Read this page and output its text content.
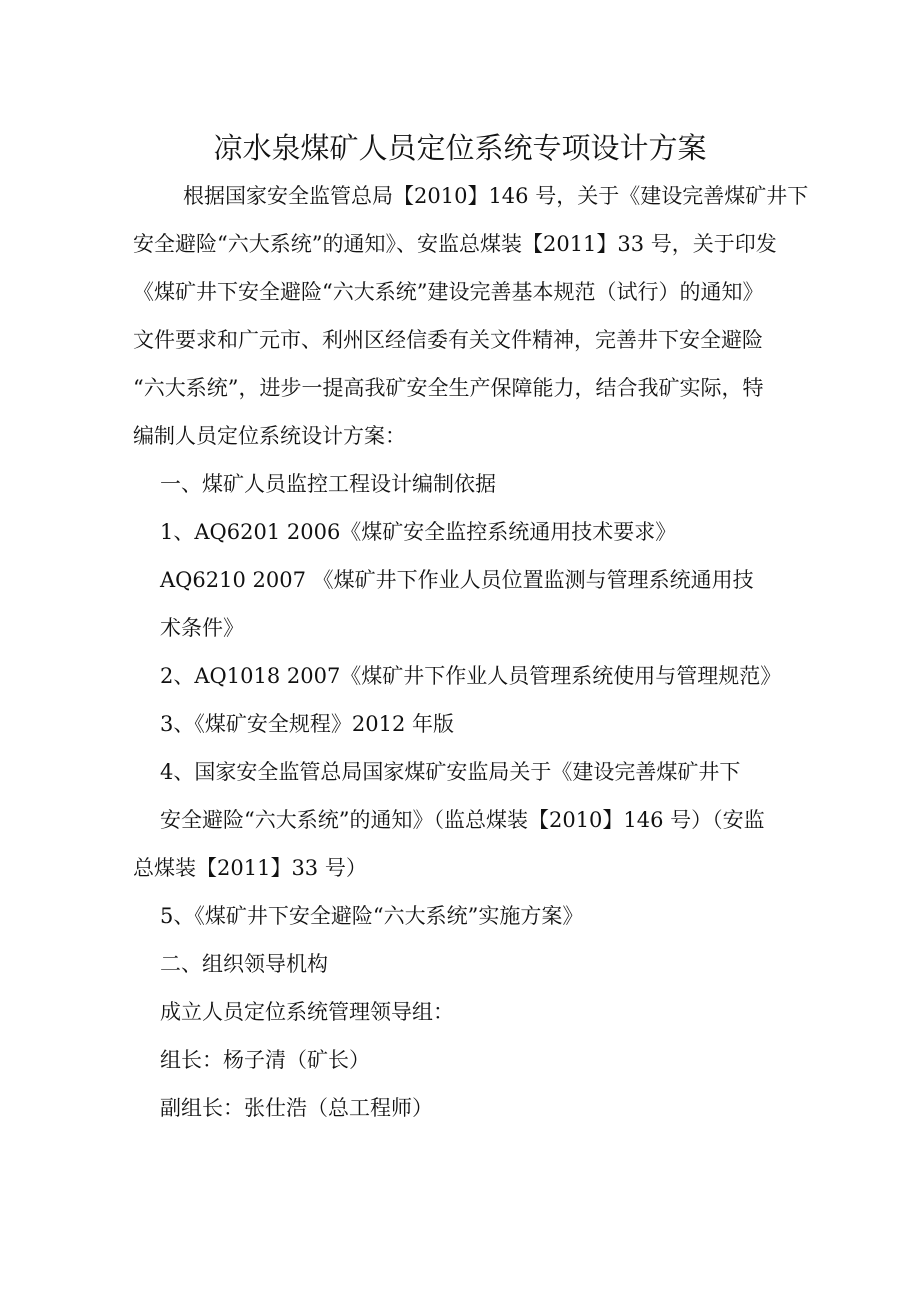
凉水泉煤矿人员定位系统专项设计方案
根据国家安全监管总局【2010】146 号，关于《建设完善煤矿井下
安全避险“六大系统”的通知》、安监总煤装【2011】33 号，关于印发
《煤矿井下安全避险“六大系统”建设完善基本规范（试行）的通知》
文件要求和广元市、利州区经信委有关文件精神，完善井下安全避险
“六大系统”，进步一提高我矿安全生产保障能力，结合我矿实际，特
编制人员定位系统设计方案：
一、煤矿人员监控工程设计编制依据
1、AQ6201 2006《煤矿安全监控系统通用技术要求》
AQ6210 2007 《煤矿井下作业人员位置监测与管理系统通用技
术条件》
2、AQ1018 2007《煤矿井下作业人员管理系统使用与管理规范》
3、《煤矿安全规程》2012 年版
4、国家安全监管总局国家煤矿安监局关于《建设完善煤矿井下
安全避险“六大系统”的通知》（监总煤装【2010】146 号）（安监
总煤装【2011】33 号）
5、《煤矿井下安全避险“六大系统”实施方案》
二、组织领导机构
成立人员定位系统管理领导组：
组长：杨子清（矿长）
副组长：张仕浩（总工程师）
